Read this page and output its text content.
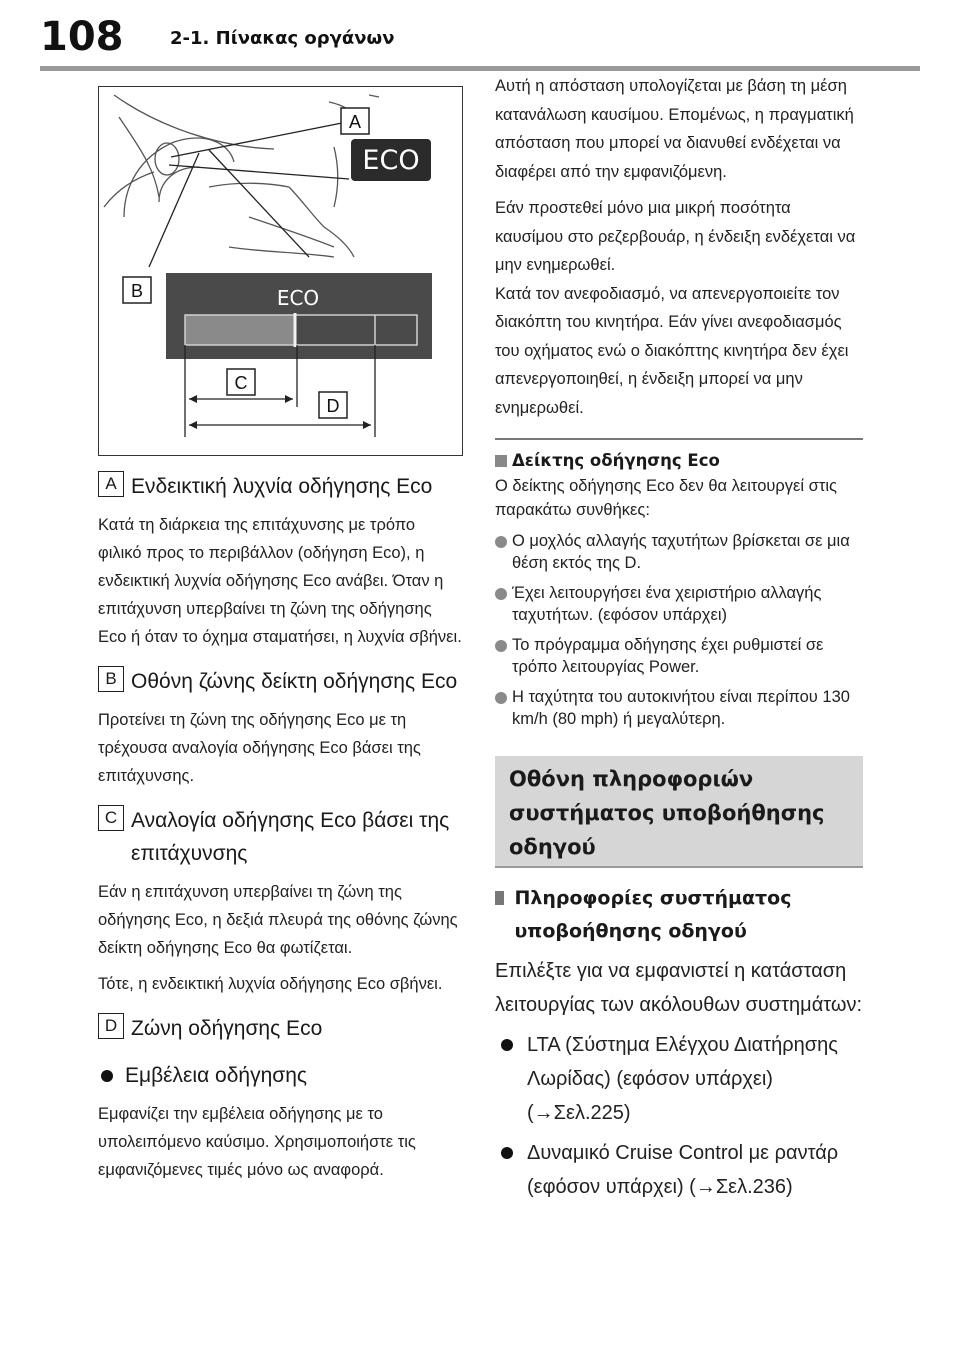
108	2-1. Πίνακας οργάνων
A
ECO
B	ECO
C
D
A Ενδεικτική λυχνία οδήγησης Eco
Κατά τη διάρκεια της επιτάχυνσης με τρόπο φιλικό προς το περιβάλλον (οδήγηση Eco), η ενδεικτική λυχνία οδήγησης Eco ανάβει. Όταν η επιτάχυνση υπερβαίνει τη ζώνη της οδήγησης Eco ή όταν το όχημα σταματήσει, η λυχνία σβήνει.
B Οθόνη ζώνης δείκτη οδήγησης Eco
Προτείνει τη ζώνη της οδήγησης Eco με τη τρέχουσα αναλογία οδήγησης Eco βάσει της επιτάχυνσης.
C Αναλογία οδήγησης Eco βάσει της επιτάχυνσης
Εάν η επιτάχυνση υπερβαίνει τη ζώνη της οδήγησης Eco, η δεξιά πλευρά της οθόνης ζώνης δείκτη οδήγησης Eco θα φωτίζεται.
Τότε, η ενδεικτική λυχνία οδήγησης Eco σβήνει.
D Ζώνη οδήγησης Eco
Εμβέλεια οδήγησης
Εμφανίζει την εμβέλεια οδήγησης με το υπολειπόμενο καύσιμο. Χρησιμοποιήστε τις εμφανιζόμενες τιμές μόνο ως αναφορά.
Αυτή η απόσταση υπολογίζεται με βάση τη μέση κατανάλωση καυσίμου. Επομένως, η πραγματική απόσταση που μπορεί να διανυθεί ενδέχεται να διαφέρει από την εμφανιζόμενη.
Εάν προστεθεί μόνο μια μικρή ποσότητα καυσίμου στο ρεζερβουάρ, η ένδειξη ενδέχεται να μην ενημερωθεί.
Κατά τον ανεφοδιασμό, να απενεργοποιείτε τον διακόπτη του κινητήρα. Εάν γίνει ανεφοδιασμός του οχήματος ενώ ο διακόπτης κινητήρα δεν έχει απενεργοποιηθεί, η ένδειξη μπορεί να μην ενημερωθεί.
Δείκτης οδήγησης Eco
Ο δείκτης οδήγησης Eco δεν θα λειτουργεί στις παρακάτω συνθήκες:
Ο μοχλός αλλαγής ταχυτήτων βρίσκεται σε μια θέση εκτός της D.
Έχει λειτουργήσει ένα χειριστήριο αλλαγής ταχυτήτων. (εφόσον υπάρχει)
Το πρόγραμμα οδήγησης έχει ρυθμιστεί σε τρόπο λειτουργίας Power.
Η ταχύτητα του αυτοκινήτου είναι περίπου 130 km/h (80 mph) ή μεγαλύτερη.
Οθόνη πληροφοριών συστήματος υποβοήθησης οδηγού
Πληροφορίες συστήματος υποβοήθησης οδηγού
Επιλέξτε για να εμφανιστεί η κατάσταση λειτουργίας των ακόλουθων συστημάτων:
LTA (Σύστημα Ελέγχου Διατήρησης Λωρίδας) (εφόσον υπάρχει) (→Σελ.225)
Δυναμικό Cruise Control με ραντάρ (εφόσον υπάρχει) (→Σελ.236)
